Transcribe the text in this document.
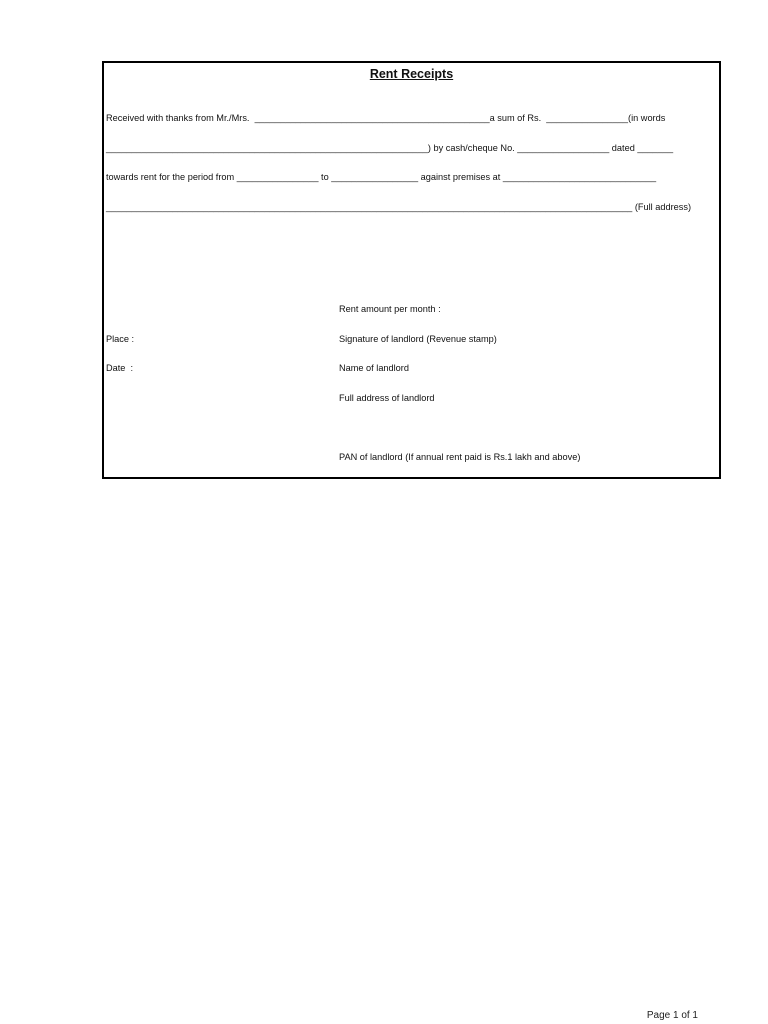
Rent Receipts
Received with thanks from Mr./Mrs.  ______________________________________________a sum of Rs.  ________________(in words
_______________________________________________________________) by cash/cheque No. __________________ dated _______
towards rent for the period from ________________ to _________________ against premises at ______________________________
_______________________________________________________________________________________________________ (Full address)
Rent amount per month :
Place :	Signature of landlord (Revenue stamp)
Date  :	Name of landlord
Full address of landlord
PAN of landlord (If annual rent paid is Rs.1 lakh and above)
Page 1 of 1
